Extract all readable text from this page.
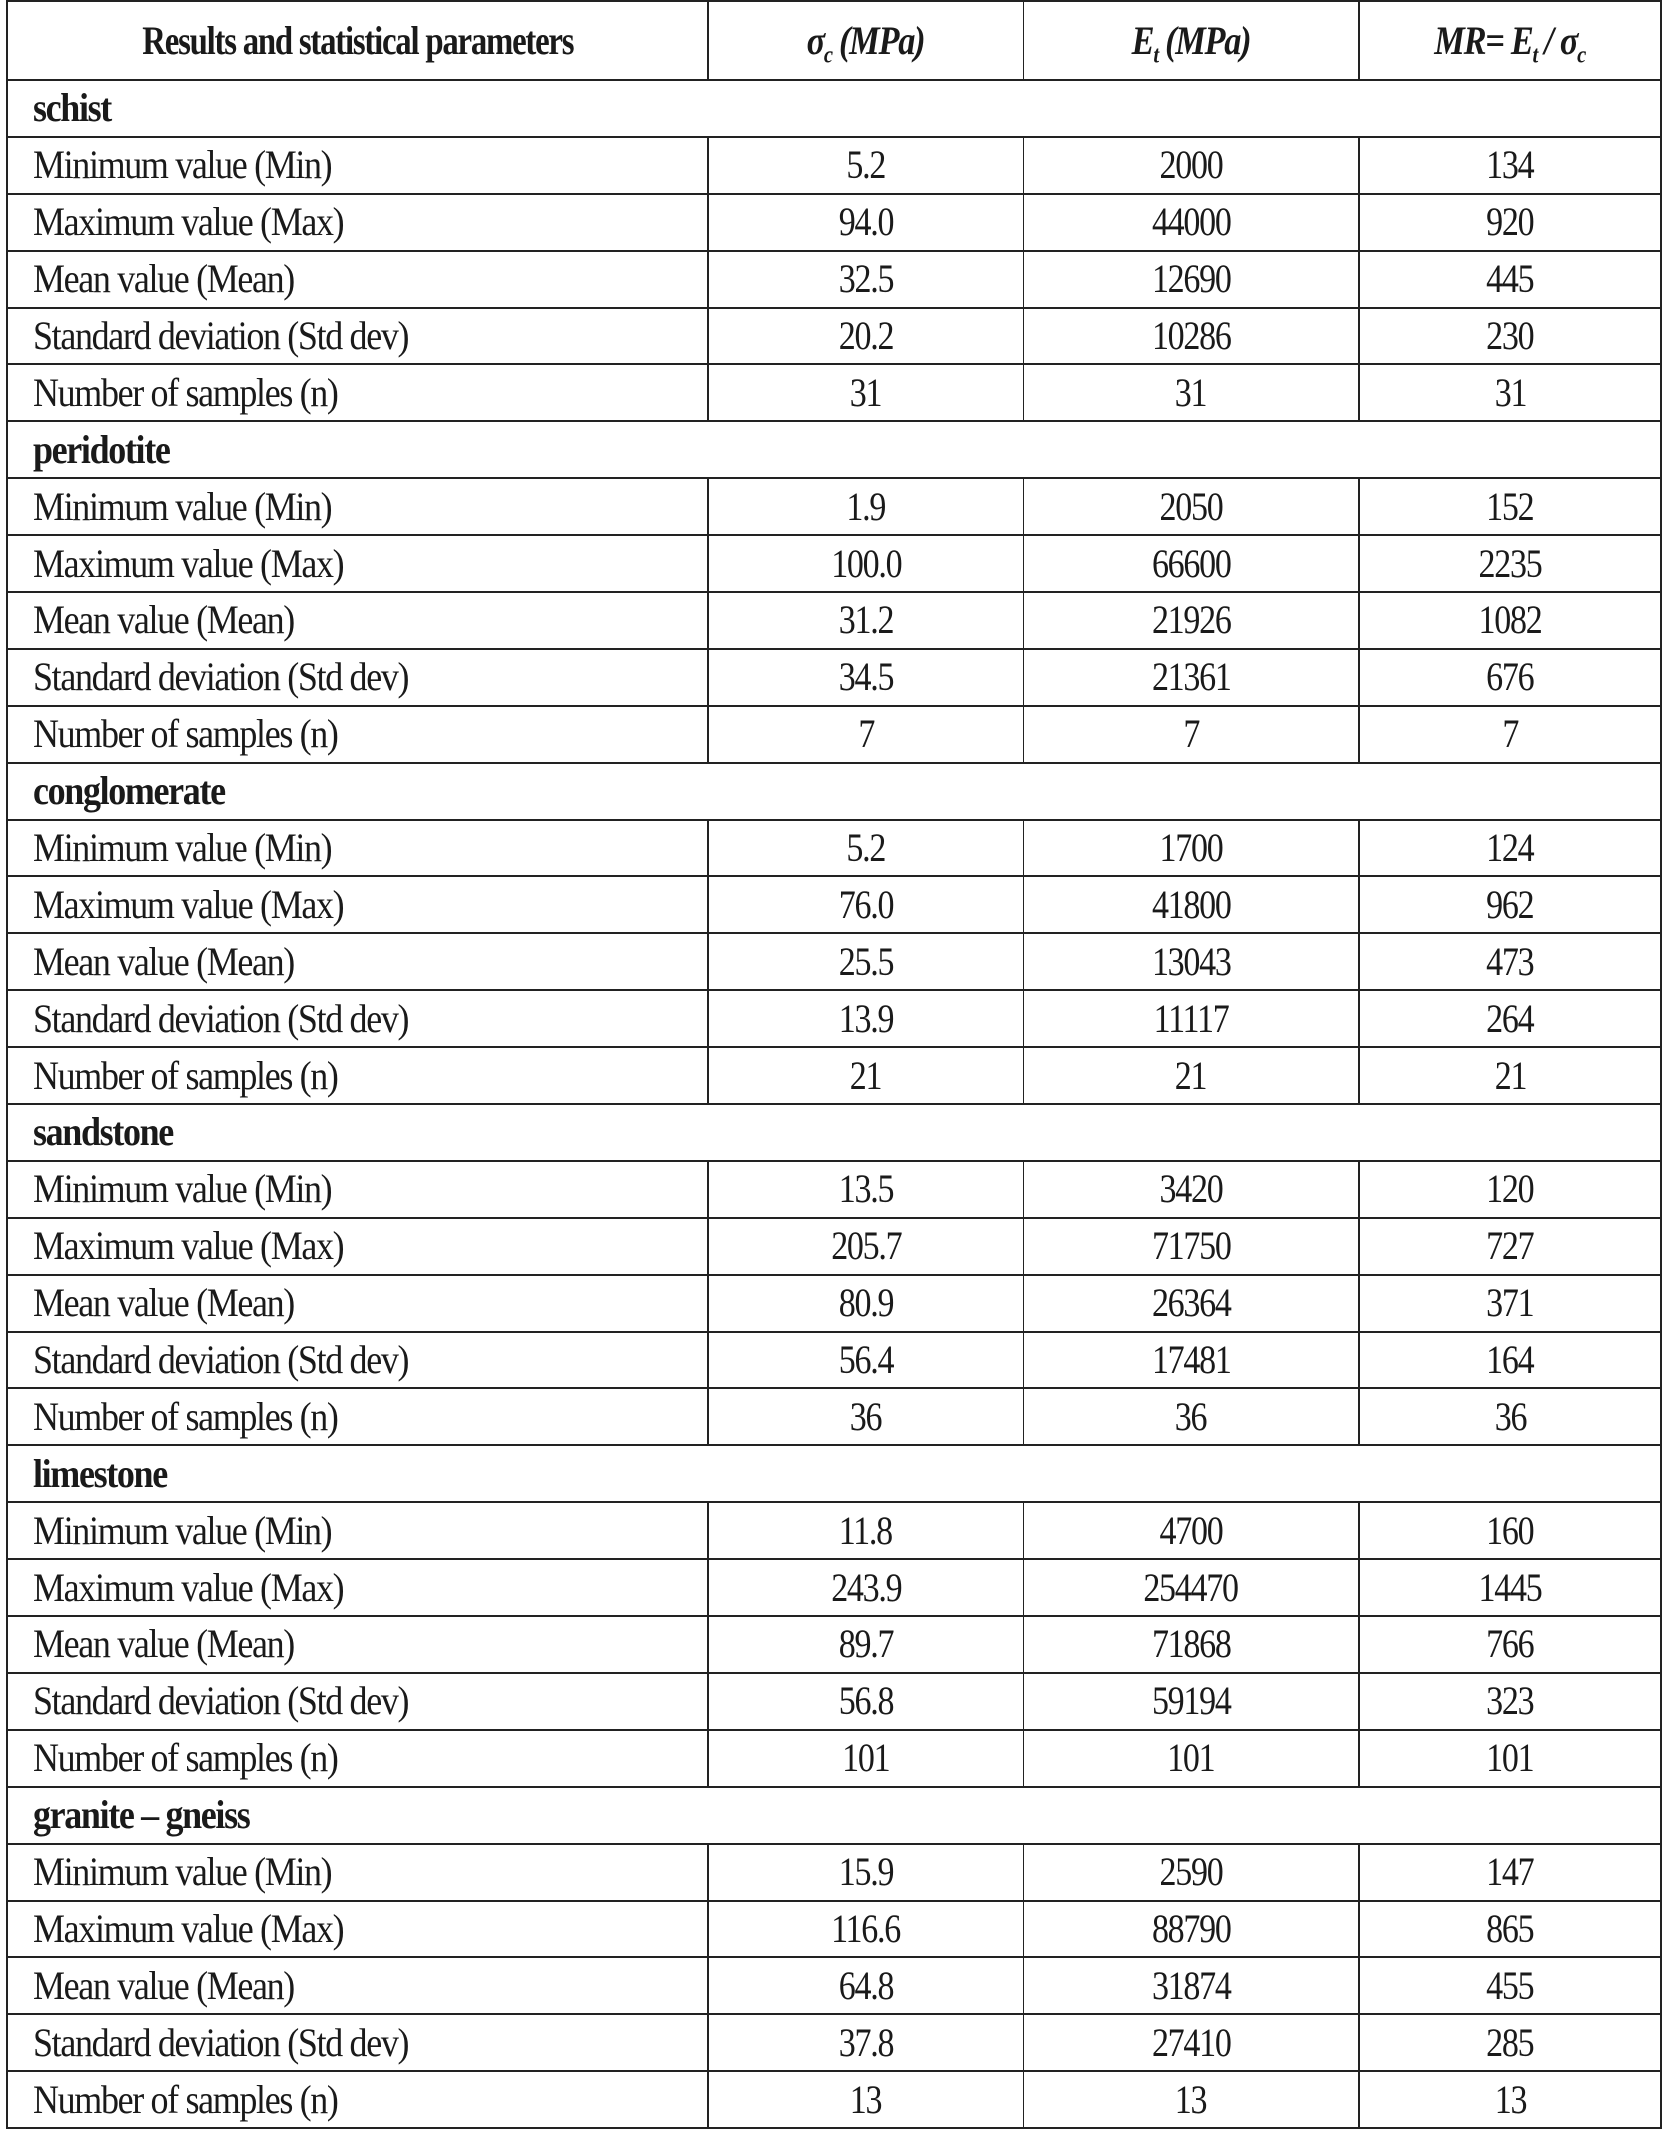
Results and statistical parameters	$\sigma_c$ (MPa)	$E_t$ (MPa)	$MR= E_t / \sigma_c$
schist			
Minimum value (Min)	5.2	2000	134
Maximum value (Max)	94.0	44000	920
Mean value (Mean)	32.5	12690	445
Standard deviation (Std dev)	20.2	10286	230
Number of samples (n)	31	31	31
peridotite			
Minimum value (Min)	1.9	2050	152
Maximum value (Max)	100.0	66600	2235
Mean value (Mean)	31.2	21926	1082
Standard deviation (Std dev)	34.5	21361	676
Number of samples (n)	7	7	7
conglomerate			
Minimum value (Min)	5.2	1700	124
Maximum value (Max)	76.0	41800	962
Mean value (Mean)	25.5	13043	473
Standard deviation (Std dev)	13.9	11117	264
Number of samples (n)	21	21	21
sandstone			
Minimum value (Min)	13.5	3420	120
Maximum value (Max)	205.7	71750	727
Mean value (Mean)	80.9	26364	371
Standard deviation (Std dev)	56.4	17481	164
Number of samples (n)	36	36	36
limestone			
Minimum value (Min)	11.8	4700	160
Maximum value (Max)	243.9	254470	1445
Mean value (Mean)	89.7	71868	766
Standard deviation (Std dev)	56.8	59194	323
Number of samples (n)	101	101	101
granite – gneiss			
Minimum value (Min)	15.9	2590	147
Maximum value (Max)	116.6	88790	865
Mean value (Mean)	64.8	31874	455
Standard deviation (Std dev)	37.8	27410	285
Number of samples (n)	13	13	13
